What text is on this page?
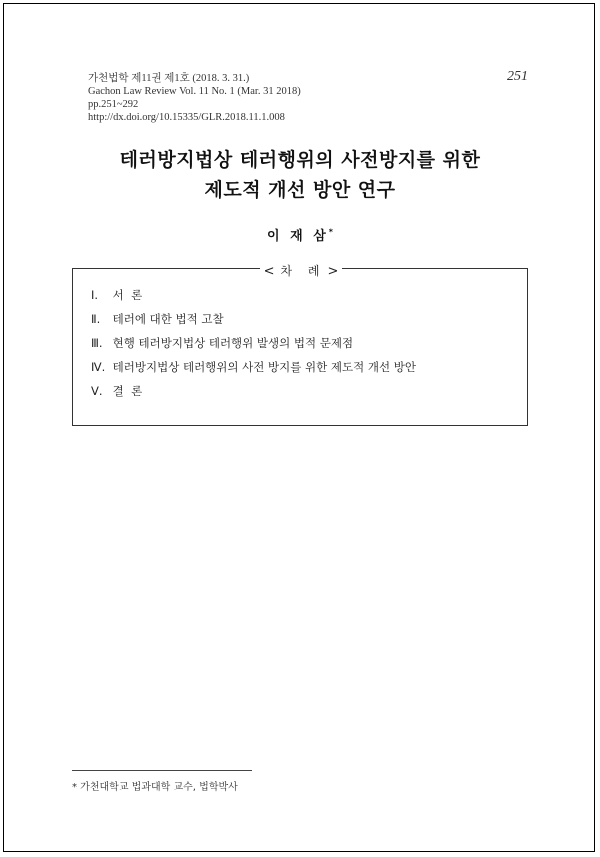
가천법학 제11권 제1호 (2018. 3. 31.)
Gachon Law Review Vol. 11 No. 1 (Mar. 31 2018)
pp.251~292
http://dx.doi.org/10.15335/GLR.2018.11.1.008
251
테러방지법상 테러행위의 사전방지를 위한
제도적 개선 방안 연구
이 재 삼*
< 차 례 >
Ⅰ. 서  론
Ⅱ. 테러에 대한 법적 고찰
Ⅲ. 현행 테러방지법상 테러행위 발생의 법적 문제점
Ⅳ. 테러방지법상 테러행위의 사전 방지를 위한 제도적 개선 방안
Ⅴ. 결  론
* 가천대학교 법과대학 교수, 법학박사
